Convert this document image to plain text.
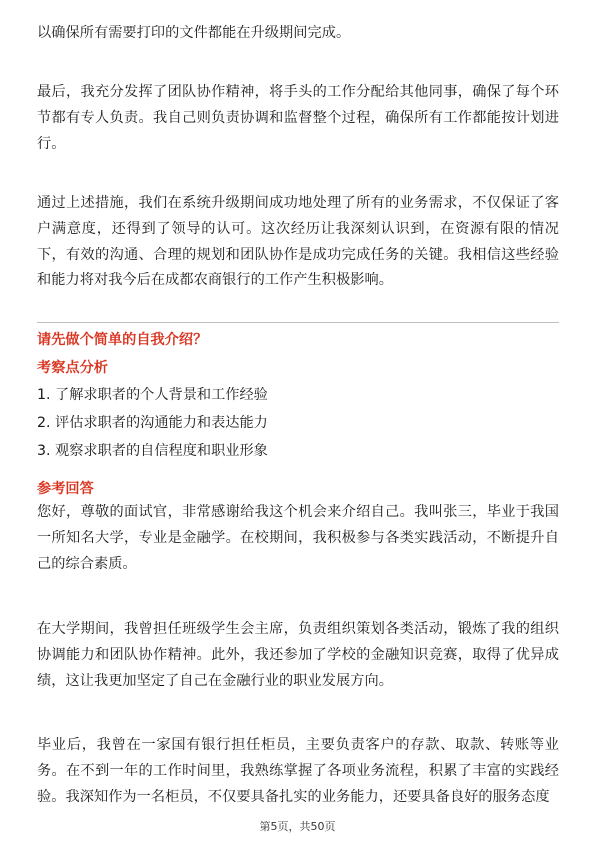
以确保所有需要打印的文件都能在升级期间完成。

最后，我充分发挥了团队协作精神，将手头的工作分配给其他同事，确保了每个环节都有专人负责。我自己则负责协调和监督整个过程，确保所有工作都能按计划进行。

通过上述措施，我们在系统升级期间成功地处理了所有的业务需求，不仅保证了客户满意度，还得到了领导的认可。这次经历让我深刻认识到，在资源有限的情况下，有效的沟通、合理的规划和团队协作是成功完成任务的关键。我相信这些经验和能力将对我今后在成都农商银行的工作产生积极影响。

请先做个简单的自我介绍？

考察点分析

1. 了解求职者的个人背景和工作经验

2. 评估求职者的沟通能力和表达能力

3. 观察求职者的自信程度和职业形象

参考回答

您好，尊敬的面试官，非常感谢给我这个机会来介绍自己。我叫张三，毕业于我国一所知名大学，专业是金融学。在校期间，我积极参与各类实践活动，不断提升自己的综合素质。

在大学期间，我曾担任班级学生会主席，负责组织策划各类活动，锻炼了我的组织协调能力和团队协作精神。此外，我还参加了学校的金融知识竞赛，取得了优异成绩，这让我更加坚定了自己在金融行业的职业发展方向。

毕业后，我曾在一家国有银行担任柜员，主要负责客户的存款、取款、转账等业务。在不到一年的工作时间里，我熟练掌握了各项业务流程，积累了丰富的实践经验。我深知作为一名柜员，不仅要具备扎实的业务能力，还要具备良好的服务态度

第5页，共50页
